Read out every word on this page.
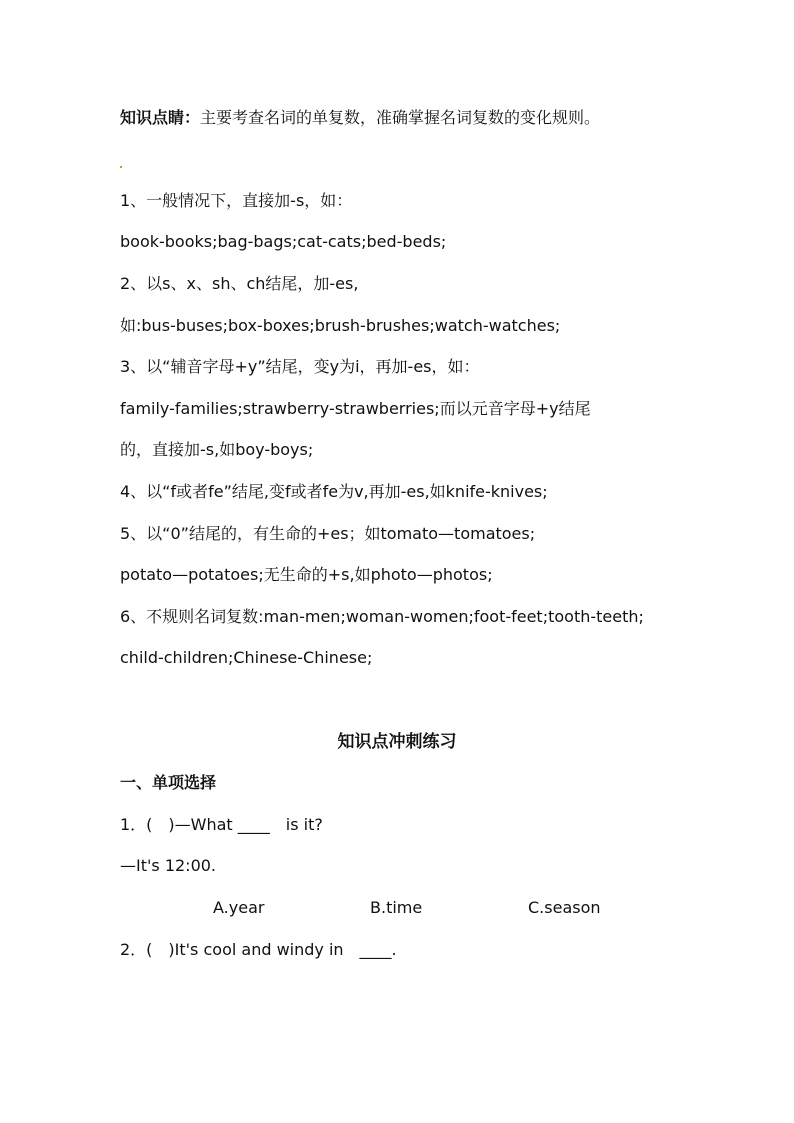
知识点睛：主要考查名词的单复数，准确掌握名词复数的变化规则。
1、一般情况下，直接加-s，如：
book-books;bag-bags;cat-cats;bed-beds;
2、以s、x、sh、ch结尾，加-es,
如:bus-buses;box-boxes;brush-brushes;watch-watches;
3、以“辅音字母+y”结尾，变y为i，再加-es，如：
family-families;strawberry-strawberries;而以元音字母+y结尾
的，直接加-s,如boy-boys;
4、以“f或者fe”结尾,变f或者fe为v,再加-es,如knife-knives;
5、以“0”结尾的，有生命的+es；如tomato—tomatoes;
potato—potatoes;无生命的+s,如photo—photos;
6、不规则名词复数:man-men;woman-women;foot-feet;tooth-teeth;
child-children;Chinese-Chinese;
知识点冲刺练习
一、单项选择
1．(　)—What ____　is it?
—It's 12:00.
A.year	B.time	C.season
2．(　)It's cool and windy in　____.
